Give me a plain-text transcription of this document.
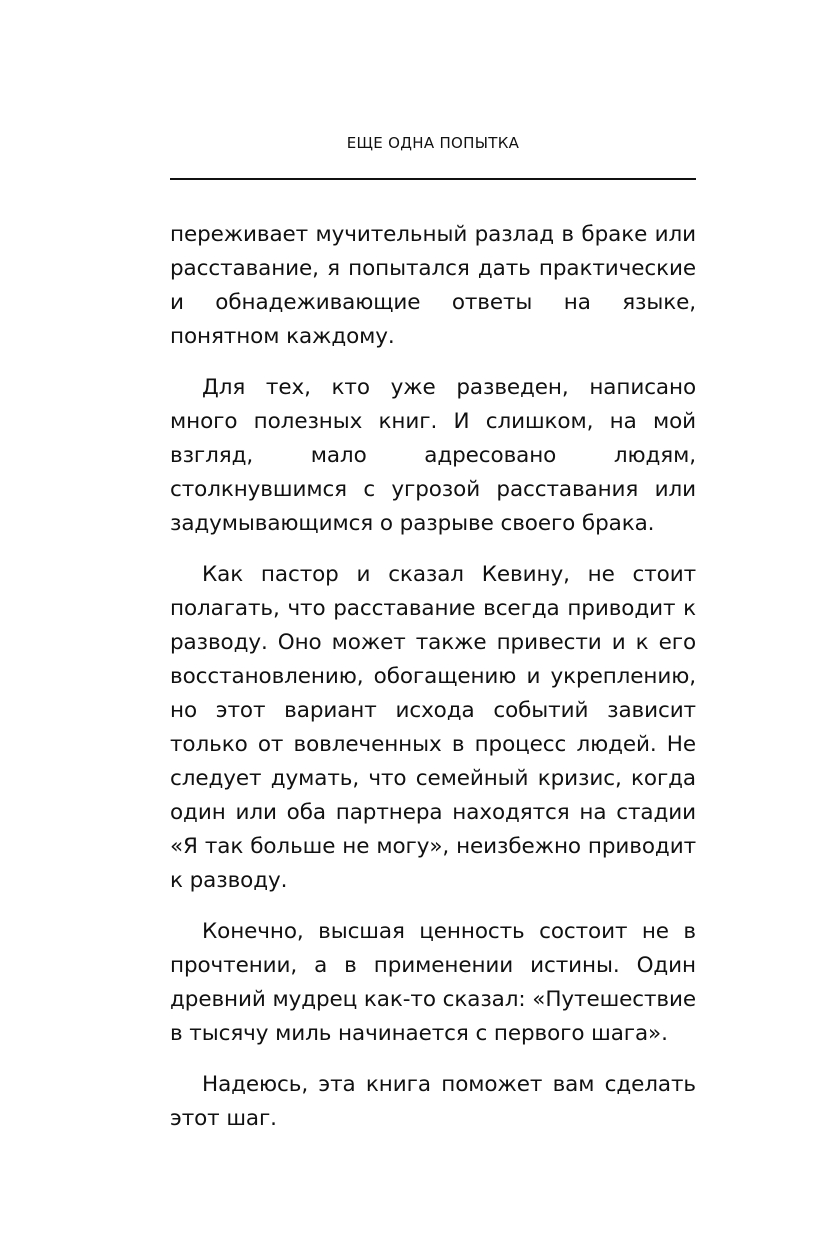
ЕЩЕ ОДНА ПОПЫТКА

переживает мучительный разлад в браке или расставание, я попытался дать практические и обнадеживающие ответы на языке, понятном каждому.

Для тех, кто уже разведен, написано много полезных книг. И слишком, на мой взгляд, мало адресовано людям, столкнувшимся с угрозой расставания или задумывающимся о разрыве своего брака.

Как пастор и сказал Кевину, не стоит полагать, что расставание всегда приводит к разводу. Оно может также привести и к его восстановлению, обогащению и укреплению, но этот вариант исхода событий зависит только от вовлеченных в процесс людей. Не следует думать, что семейный кризис, когда один или оба партнера находятся на стадии «Я так больше не могу», неизбежно приводит к разводу.

Конечно, высшая ценность состоит не в прочтении, а в применении истины. Один древний мудрец как-то сказал: «Путешествие в тысячу миль начинается с первого шага».

Надеюсь, эта книга поможет вам сделать этот шаг.
